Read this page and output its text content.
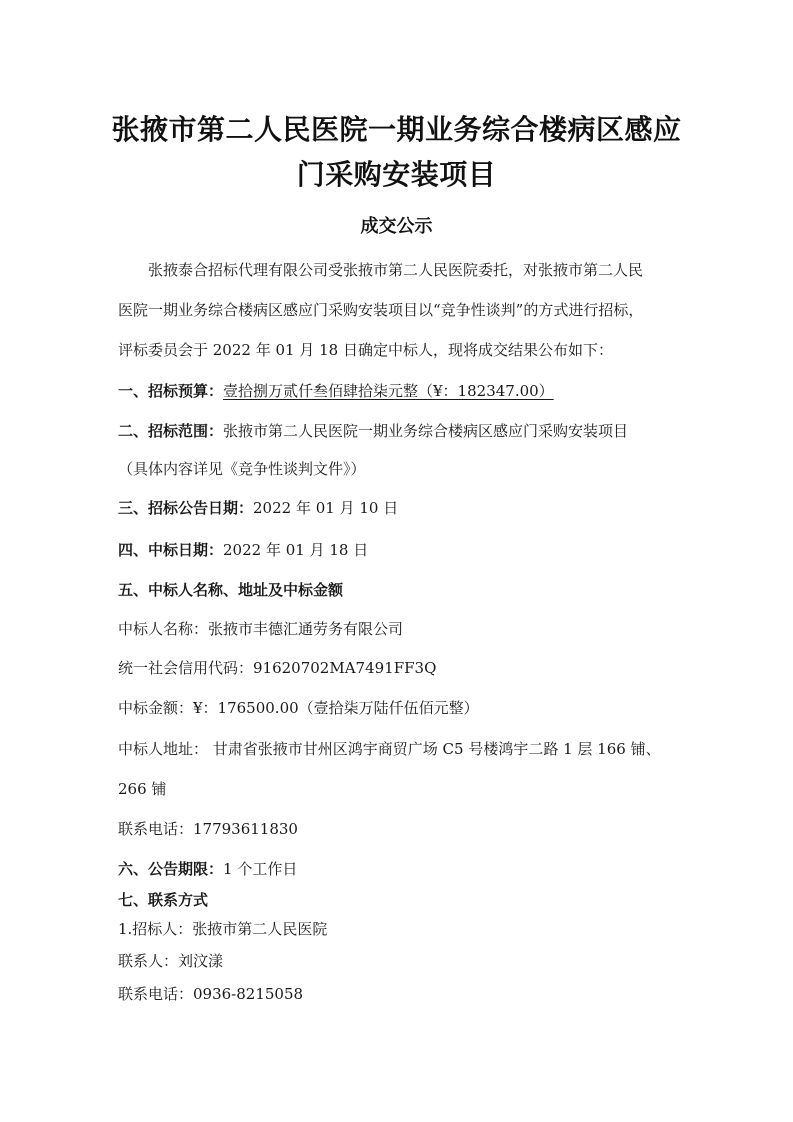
张掖市第二人民医院一期业务综合楼病区感应
门采购安装项目
成交公示
张掖泰合招标代理有限公司受张掖市第二人民医院委托，对张掖市第二人民
医院一期业务综合楼病区感应门采购安装项目以“竞争性谈判”的方式进行招标，
评标委员会于 2022 年 01 月 18 日确定中标人，现将成交结果公布如下：
一、招标预算：壹拾捌万贰仟叁佰肆拾柒元整（¥：182347.00）
二、招标范围：张掖市第二人民医院一期业务综合楼病区感应门采购安装项目
（具体内容详见《竞争性谈判文件》）
三、招标公告日期：2022 年 01 月 10 日
四、中标日期：2022 年 01 月 18 日
五、中标人名称、地址及中标金额
中标人名称：张掖市丰德汇通劳务有限公司
统一社会信用代码：91620702MA7491FF3Q
中标金额：¥：176500.00（壹拾柒万陆仟伍佰元整）
中标人地址： 甘肃省张掖市甘州区鸿宇商贸广场 C5 号楼鸿宇二路 1 层 166 铺、
266 铺
联系电话：17793611830
六、公告期限：1 个工作日
七、联系方式
1.招标人：张掖市第二人民医院
联系人：刘汶漾
联系电话：0936-8215058
